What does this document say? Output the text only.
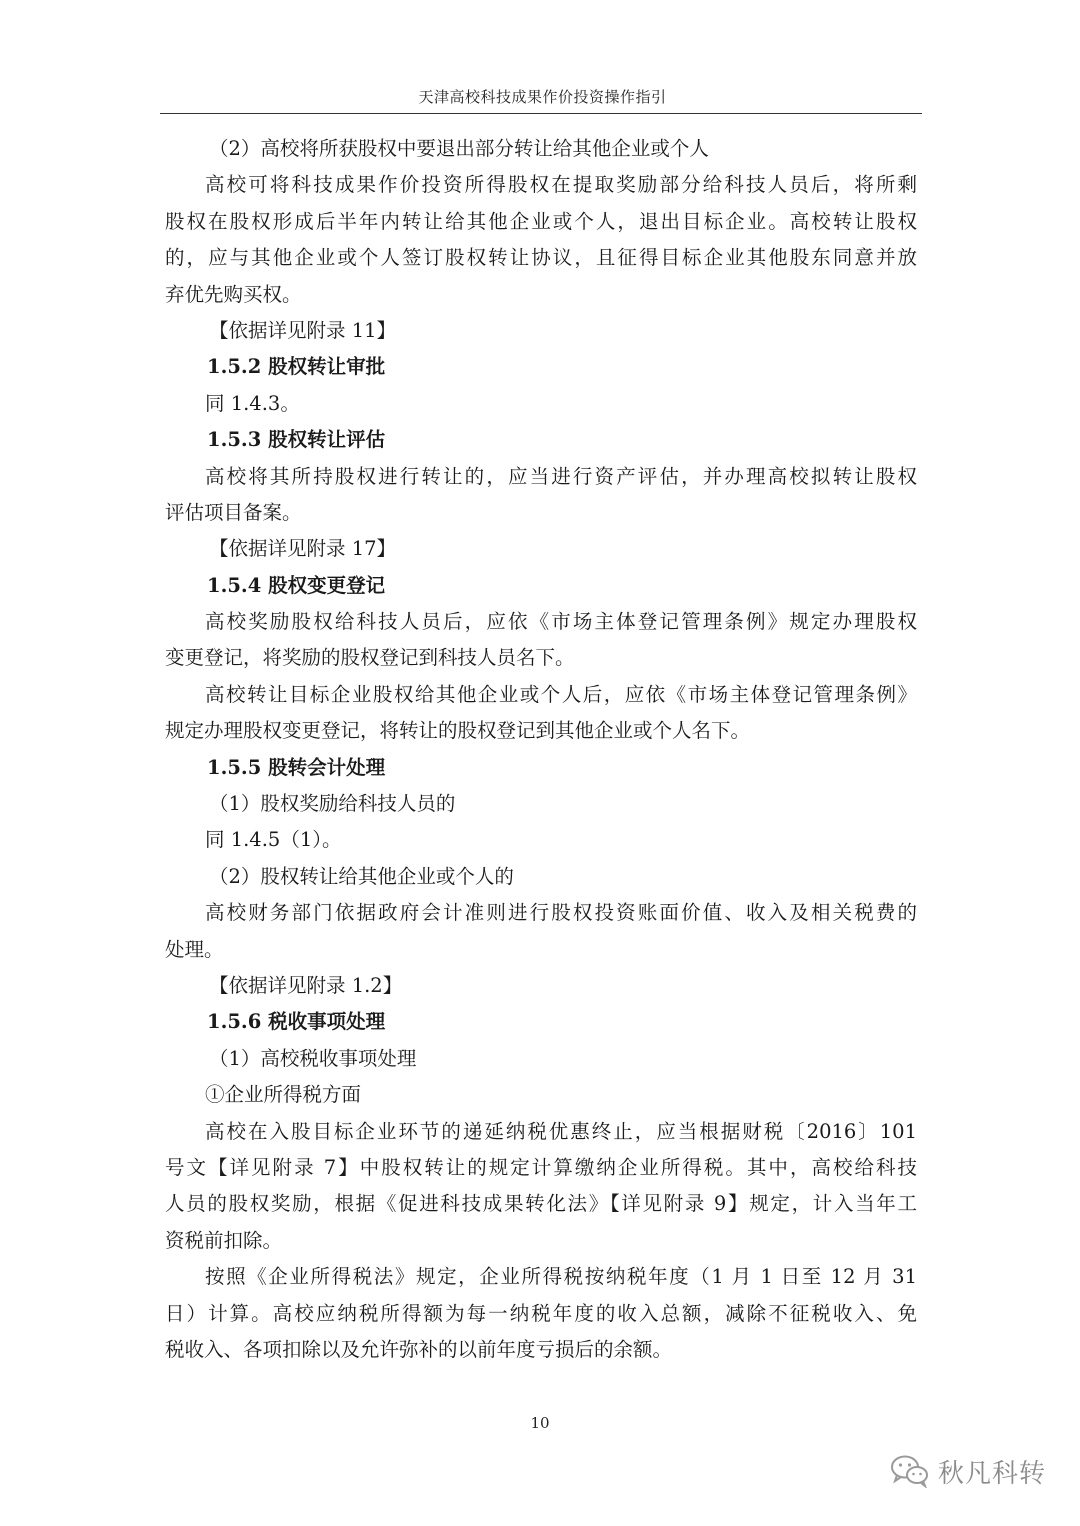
天津高校科技成果作价投资操作指引
（2）高校将所获股权中要退出部分转让给其他企业或个人
高校可将科技成果作价投资所得股权在提取奖励部分给科技人员后，将所剩
股权在股权形成后半年内转让给其他企业或个人，退出目标企业。高校转让股权
的，应与其他企业或个人签订股权转让协议，且征得目标企业其他股东同意并放
弃优先购买权。
【依据详见附录 11】
1.5.2 股权转让审批
同 1.4.3。
1.5.3 股权转让评估
高校将其所持股权进行转让的，应当进行资产评估，并办理高校拟转让股权
评估项目备案。
【依据详见附录 17】
1.5.4 股权变更登记
高校奖励股权给科技人员后，应依《市场主体登记管理条例》规定办理股权
变更登记，将奖励的股权登记到科技人员名下。
高校转让目标企业股权给其他企业或个人后，应依《市场主体登记管理条例》
规定办理股权变更登记，将转让的股权登记到其他企业或个人名下。
1.5.5 股转会计处理
（1）股权奖励给科技人员的
同 1.4.5（1）。
（2）股权转让给其他企业或个人的
高校财务部门依据政府会计准则进行股权投资账面价值、收入及相关税费的
处理。
【依据详见附录 1.2】
1.5.6 税收事项处理
（1）高校税收事项处理
①企业所得税方面
高校在入股目标企业环节的递延纳税优惠终止，应当根据财税〔2016〕101
号文【详见附录 7】中股权转让的规定计算缴纳企业所得税。其中，高校给科技
人员的股权奖励，根据《促进科技成果转化法》【详见附录 9】规定，计入当年工
资税前扣除。
按照《企业所得税法》规定，企业所得税按纳税年度（1 月 1 日至 12 月 31
日）计算。高校应纳税所得额为每一纳税年度的收入总额，减除不征税收入、免
税收入、各项扣除以及允许弥补的以前年度亏损后的余额。
10
秋凡科转
